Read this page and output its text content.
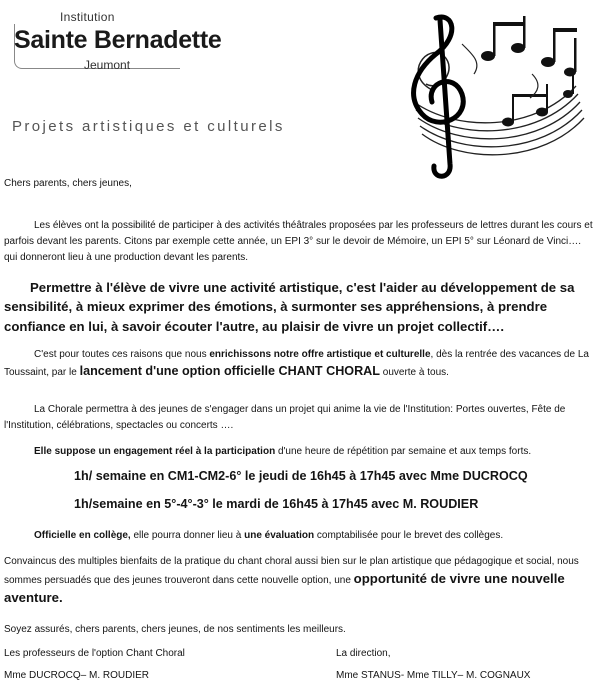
Institution
Sainte Bernadette
Jeumont
Projets artistiques et culturels

Chers parents, chers jeunes,

Les élèves ont la possibilité de participer à des activités théâtrales proposées par les professeurs de lettres durant les cours et parfois devant les parents. Citons par exemple cette année, un EPI 3° sur le devoir de Mémoire, un EPI 5° sur Léonard de Vinci…. qui donneront lieu à une production devant les parents.

Permettre à l'élève de vivre une activité artistique, c'est l'aider au développement de sa sensibilité, à mieux exprimer des émotions, à surmonter ses appréhensions, à prendre confiance en lui, à savoir écouter l'autre, au plaisir de vivre un projet collectif….

C'est pour toutes ces raisons que nous enrichissons notre offre artistique et culturelle, dès la rentrée des vacances de La Toussaint, par le lancement d'une option officielle CHANT CHORAL ouverte à tous.

La Chorale permettra à des jeunes de s'engager dans un projet qui anime la vie de l'Institution: Portes ouvertes, Fête de l'Institution, célébrations, spectacles ou concerts ….

Elle suppose un engagement réel à la participation d'une heure de répétition par semaine et aux temps forts.

1h/ semaine en CM1-CM2-6° le jeudi de 16h45 à 17h45 avec Mme DUCROCQ

1h/semaine en 5°-4°-3° le mardi de 16h45 à 17h45 avec M. ROUDIER

Officielle en collège, elle pourra donner lieu à une évaluation comptabilisée pour le brevet des collèges.

Convaincus des multiples bienfaits de la pratique du chant choral aussi bien sur le plan artistique que pédagogique et social, nous sommes persuadés que des jeunes trouveront dans cette nouvelle option, une opportunité de vivre une nouvelle aventure.

Soyez assurés, chers parents, chers jeunes, de nos sentiments les meilleurs.

Les professeurs de l'option Chant Choral
Mme DUCROCQ– M. ROUDIER
La direction,
Mme STANUS- Mme TILLY– M. COGNAUX
